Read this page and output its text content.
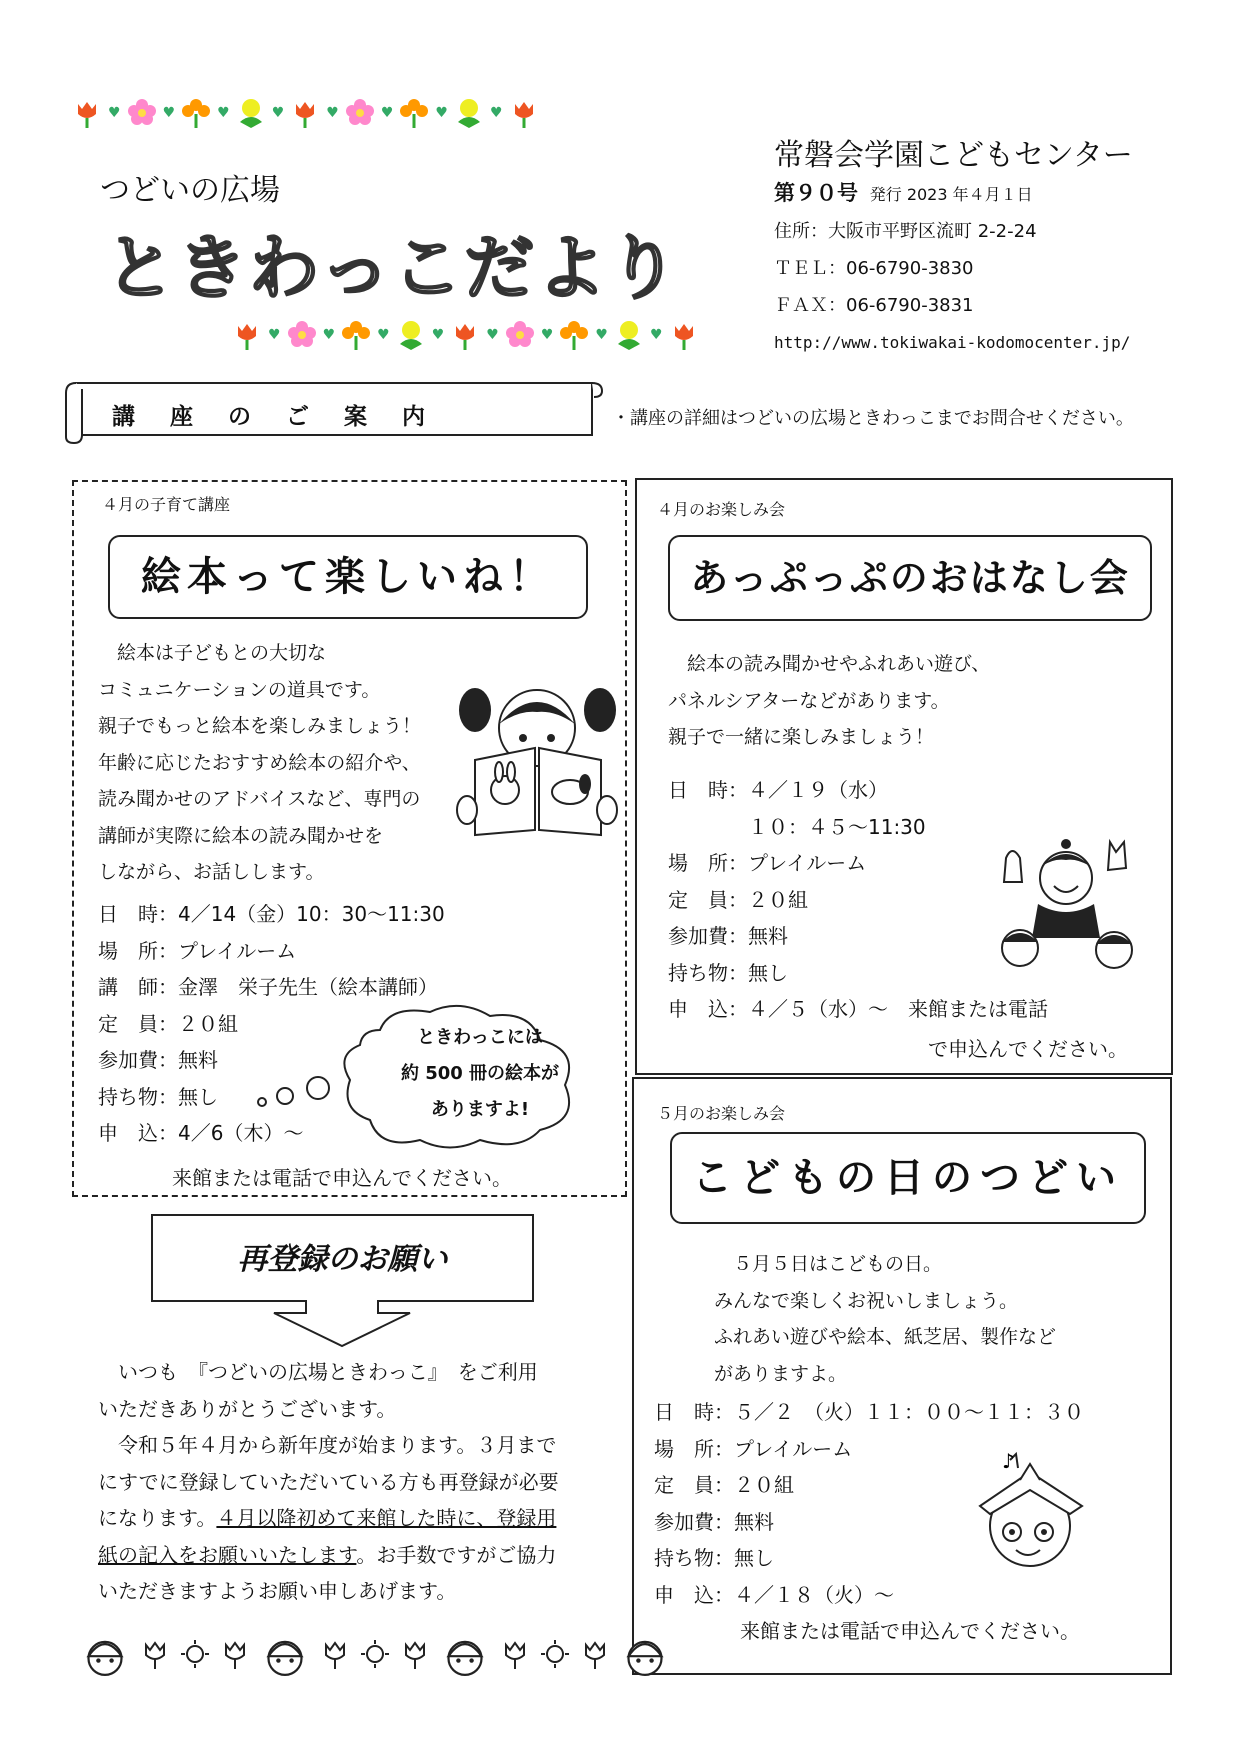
♥	♥	♥	♥	♥	♥	♥	♥
つどいの広場
ときわっこだより
♥	♥	♥	♥	♥	♥	♥	♥
常磐会学園こどもセンター
第９０号 発行 2023 年４月１日
住所：大阪市平野区流町 2-2-24
ＴＥＬ：06-6790-3830
ＦＡＸ：06-6790-3831
http://www.tokiwakai-kodomocenter.jp/
講　座　の　ご　案　内	・講座の詳細はつどいの広場ときわっこまでお問合せください。
４月の子育て講座
絵本って楽しいね！
　絵本は子どもとの大切な
コミュニケーションの道具です。
親子でもっと絵本を楽しみましょう！
年齢に応じたおすすめ絵本の紹介や、
読み聞かせのアドバイスなど、専門の
講師が実際に絵本の読み聞かせを
しながら、お話しします。
日　時：4／14（金）10：30～11:30
場　所：プレイルーム
講　師：金澤　栄子先生（絵本講師）
定　員：２０組
参加費：無料
持ち物：無し
申　込：4／6（木）～
来館または電話で申込んでください。
ときわっこには
約 500 冊の絵本が
ありますよ!
４月のお楽しみ会
あっぷっぷのおはなし会
　絵本の読み聞かせやふれあい遊び、
パネルシアターなどがあります。
親子で一緒に楽しみましょう！
日　時：４／１９（水）
　　　　１０：４５～11:30
場　所：プレイルーム
定　員：２０組
参加費：無料
持ち物：無し
申　込：４／５（水）～　来館または電話
で申込んでください。
５月のお楽しみ会
こどもの日のつどい
　５月５日はこどもの日。
みんなで楽しくお祝いしましょう。
ふれあい遊びや絵本、紙芝居、製作など
がありますよ。
日　時：５／２　（火）１１：００～１１：３０
場　所：プレイルーム
定　員：２０組
参加費：無料
持ち物：無し
申　込：４／１８（火）～
来館または電話で申込んでください。
♪
再登録のお願い
　いつも　『つどいの広場ときわっこ』　をご利用
いただきありがとうございます。
　令和５年４月から新年度が始まります。３月まで
にすでに登録していただいている方も再登録が必要
になります。４月以降初めて来館した時に、登録用
紙の記入をお願いいたします。お手数ですがご協力
いただきますようお願い申しあげます。
